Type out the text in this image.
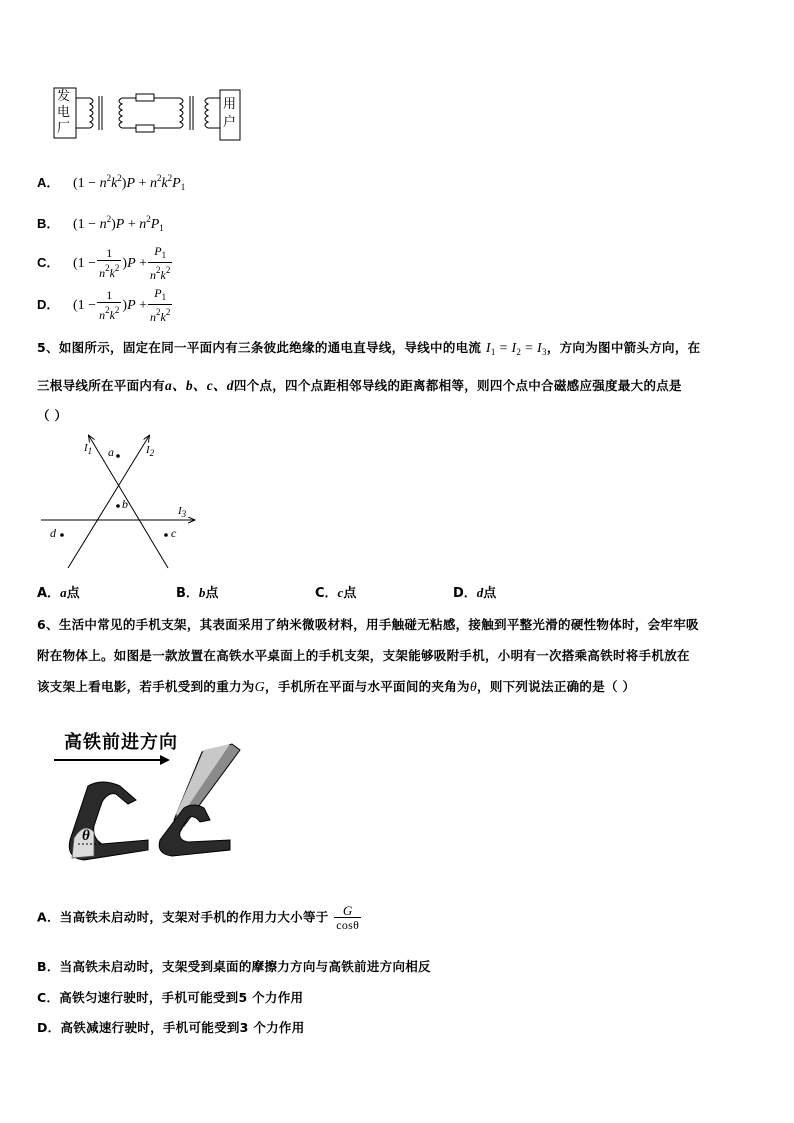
发电厂
用户
A． $(1 - n^2k^2)P + n^2k^2P_1$
B． $(1 - n^2)P + n^2P_1$
C． $(1 - \frac{1}{n^2k^2} )P + \frac{P_1}{n^2k^2}$
D． $(1 - \frac{1}{n^2k^2} )P + \frac{P_1}{n^2k^2}$
5、如图所示，固定在同一平面内有三条彼此绝缘的通电直导线，导线中的电流 $I_1 = I_2 = I_3$，方向为图中箭头方向，在
三根导线所在平面内有a、b、c、d四个点，四个点距相邻导线的距离都相等，则四个点中合磁感应强度最大的点是
（ ）
$I_1$	$I_2$
$I_3$
a
b
c
d
A．a点	B．b点	C．c点	D．d点
6、生活中常见的手机支架，其表面采用了纳米微吸材料，用手触碰无粘感，接触到平整光滑的硬性物体时，会牢牢吸
附在物体上。如图是一款放置在高铁水平桌面上的手机支架，支架能够吸附手机，小明有一次搭乘高铁时将手机放在
该支架上看电影，若手机受到的重力为G，手机所在平面与水平面间的夹角为θ，则下列说法正确的是（ ）
高铁前进方向
θ
A．当高铁未启动时，支架对手机的作用力大小等于 $\frac{G}{\cos\theta}$
B．当高铁未启动时，支架受到桌面的摩擦力方向与高铁前进方向相反
C．高铁匀速行驶时，手机可能受到5 个力作用
D．高铁减速行驶时，手机可能受到3 个力作用
